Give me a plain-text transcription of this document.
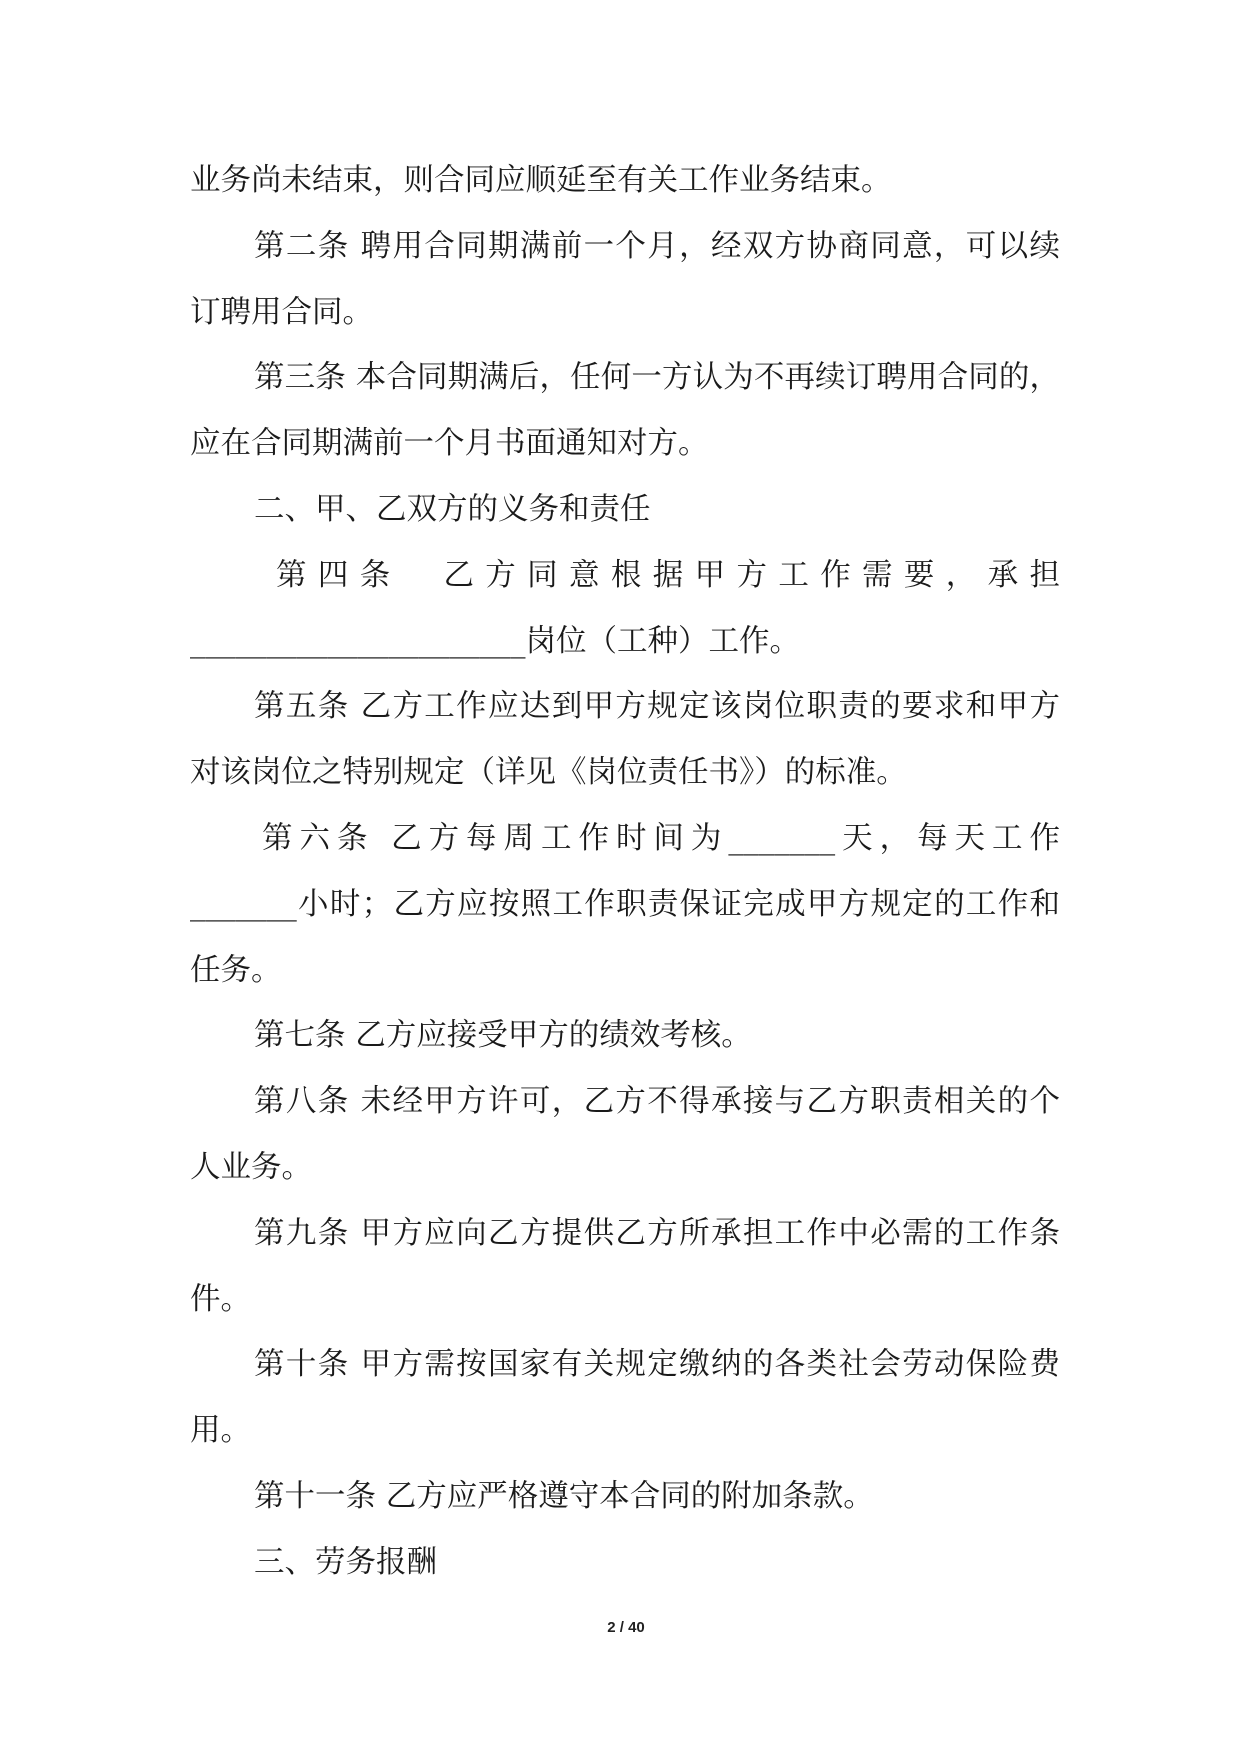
业务尚未结束，则合同应顺延至有关工作业务结束。
第二条 聘用合同期满前一个月，经双方协商同意，可以续
订聘用合同。
第三条 本合同期满后，任何一方认为不再续订聘用合同的，
应在合同期满前一个月书面通知对方。
二、甲、乙双方的义务和责任
第四条　乙方同意根据甲方工作需要，承担
______________________岗位（工种）工作。
第五条 乙方工作应达到甲方规定该岗位职责的要求和甲方
对该岗位之特别规定（详见《岗位责任书》）的标准。
第六条 乙方每周工作时间为_______天，每天工作
_______小时；乙方应按照工作职责保证完成甲方规定的工作和
任务。
第七条 乙方应接受甲方的绩效考核。
第八条 未经甲方许可，乙方不得承接与乙方职责相关的个
人业务。
第九条 甲方应向乙方提供乙方所承担工作中必需的工作条
件。
第十条 甲方需按国家有关规定缴纳的各类社会劳动保险费
用。
第十一条 乙方应严格遵守本合同的附加条款。
三、劳务报酬
2 / 40
